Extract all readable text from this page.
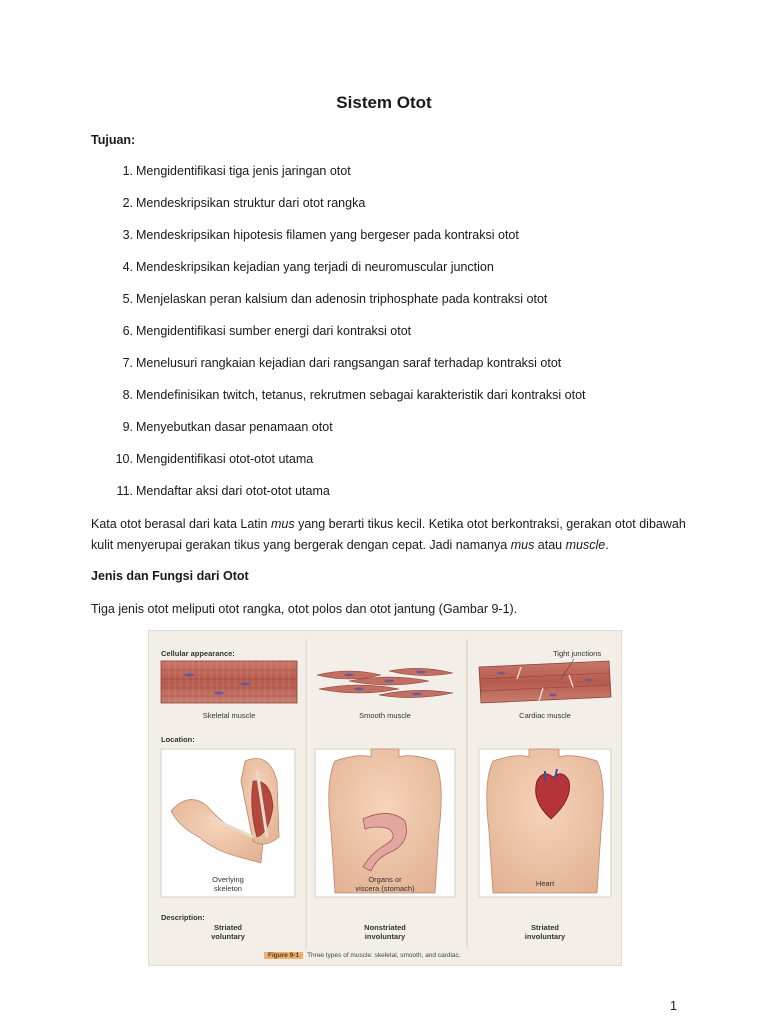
Sistem Otot
Tujuan:
1. Mengidentifikasi tiga jenis jaringan otot
2. Mendeskripsikan struktur dari otot rangka
3. Mendeskripsikan hipotesis filamen yang bergeser pada kontraksi otot
4. Mendeskripsikan kejadian yang terjadi di neuromuscular junction
5. Menjelaskan peran kalsium dan adenosin triphosphate pada kontraksi otot
6. Mengidentifikasi sumber energi dari kontraksi otot
7. Menelusuri rangkaian kejadian dari rangsangan saraf terhadap kontraksi otot
8. Mendefinisikan twitch, tetanus, rekrutmen sebagai karakteristik dari kontraksi otot
9. Menyebutkan dasar penamaan otot
10. Mengidentifikasi otot-otot utama
11. Mendaftar aksi dari otot-otot utama

Kata otot berasal dari kata Latin mus yang berarti tikus kecil. Ketika otot berkontraksi, gerakan otot dibawah kulit menyerupai gerakan tikus yang bergerak dengan cepat. Jadi namanya mus atau muscle.

Jenis dan Fungsi dari Otot
Tiga jenis otot meliputi otot rangka, otot polos dan otot jantung (Gambar 9-1).
Cellular appearance:	Tight junctions
Skeletal muscle	Smooth muscle	Cardiac muscle
Location:
Overlying
skeleton
Organs or
viscera (stomach)
Heart
Description:
Striated
voluntary
Nonstriated
involuntary
Striated
involuntary
Figure 9-1 Three types of muscle: skeletal, smooth, and cardiac.
1
